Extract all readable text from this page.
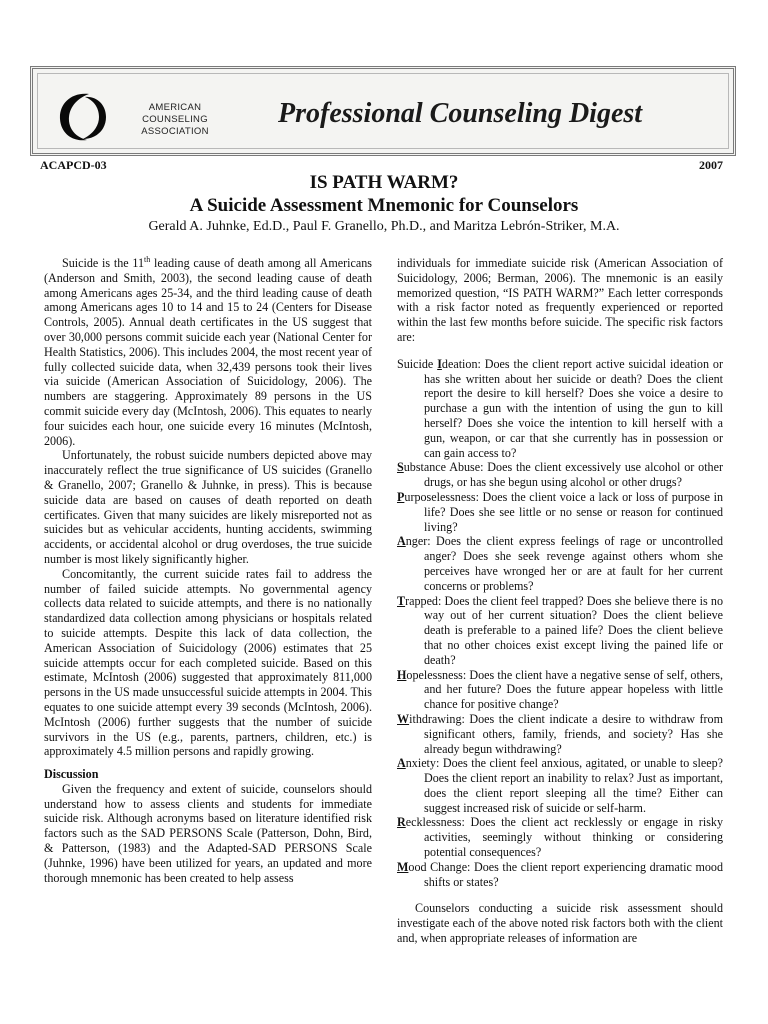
AMERICAN
COUNSELING
ASSOCIATION
Professional Counseling Digest
ACAPCD-03	2007

IS PATH WARM?

A Suicide Assessment Mnemonic for Counselors

Gerald A. Juhnke, Ed.D., Paul F. Granello, Ph.D., and Maritza Lebrón-Striker, M.A.

Suicide is the 11th leading cause of death among all Americans (Anderson and Smith, 2003), the second leading cause of death among Americans ages 25-34, and the third leading cause of death among Americans ages 10 to 14 and 15 to 24 (Centers for Disease Controls, 2005). Annual death certificates in the US suggest that over 30,000 persons commit suicide each year (National Center for Health Statistics, 2006). This includes 2004, the most recent year of fully collected suicide data, when 32,439 persons took their lives via suicide (American Association of Suicidology, 2006). The numbers are staggering. Approximately 89 persons in the US commit suicide every day (McIntosh, 2006). This equates to nearly four suicides each hour, one suicide every 16 minutes (McIntosh, 2006).

Unfortunately, the robust suicide numbers depicted above may inaccurately reflect the true significance of US suicides (Granello & Granello, 2007; Granello & Juhnke, in press). This is because suicide data are based on causes of death reported on death certificates. Given that many suicides are likely misreported not as suicides but as vehicular accidents, hunting accidents, swimming accidents, or accidental alcohol or drug overdoses, the true suicide number is most likely significantly higher.

Concomitantly, the current suicide rates fail to address the number of failed suicide attempts. No governmental agency collects data related to suicide attempts, and there is no nationally standardized data collection among physicians or hospitals related to suicide attempts. Despite this lack of data collection, the American Association of Suicidology (2006) estimates that 25 suicide attempts occur for each completed suicide. Based on this estimate, McIntosh (2006) suggested that approximately 811,000 persons in the US made unsuccessful suicide attempts in 2004. This equates to one suicide attempt every 39 seconds (McIntosh, 2006). McIntosh (2006) further suggests that the number of suicide survivors in the US (e.g., parents, partners, children, etc.) is approximately 4.5 million persons and rapidly growing.

Discussion

Given the frequency and extent of suicide, counselors should understand how to assess clients and students for immediate suicide risk. Although acronyms based on literature identified risk factors such as the SAD PERSONS Scale (Patterson, Dohn, Bird, & Patterson, (1983) and the Adapted-SAD PERSONS Scale (Juhnke, 1996) have been utilized for years, an updated and more thorough mnemonic has been created to help assess

individuals for immediate suicide risk (American Association of Suicidology, 2006; Berman, 2006). The mnemonic is an easily memorized question, “IS PATH WARM?” Each letter corresponds with a risk factor noted as frequently experienced or reported within the last few months before suicide. The specific risk factors are:

Suicide Ideation: Does the client report active suicidal ideation or has she written about her suicide or death? Does the client report the desire to kill herself? Does she voice a desire to purchase a gun with the intention of using the gun to kill herself? Does she voice the intention to kill herself with a gun, weapon, or car that she currently has in possession or can gain access to?

Substance Abuse: Does the client excessively use alcohol or other drugs, or has she begun using alcohol or other drugs?

Purposelessness: Does the client voice a lack or loss of purpose in life? Does she see little or no sense or reason for continued living?

Anger: Does the client express feelings of rage or uncontrolled anger? Does she seek revenge against others whom she perceives have wronged her or are at fault for her current concerns or problems?

Trapped: Does the client feel trapped? Does she believe there is no way out of her current situation? Does the client believe death is preferable to a pained life? Does the client believe that no other choices exist except living the pained life or death?

Hopelessness: Does the client have a negative sense of self, others, and her future? Does the future appear hopeless with little chance for positive change?

Withdrawing: Does the client indicate a desire to withdraw from significant others, family, friends, and society? Has she already begun withdrawing?

Anxiety: Does the client feel anxious, agitated, or unable to sleep? Does the client report an inability to relax? Just as important, does the client report sleeping all the time? Either can suggest increased risk of suicide or self-harm.

Recklessness: Does the client act recklessly or engage in risky activities, seemingly without thinking or considering potential consequences?

Mood Change: Does the client report experiencing dramatic mood shifts or states?

Counselors conducting a suicide risk assessment should investigate each of the above noted risk factors both with the client and, when appropriate releases of information are
